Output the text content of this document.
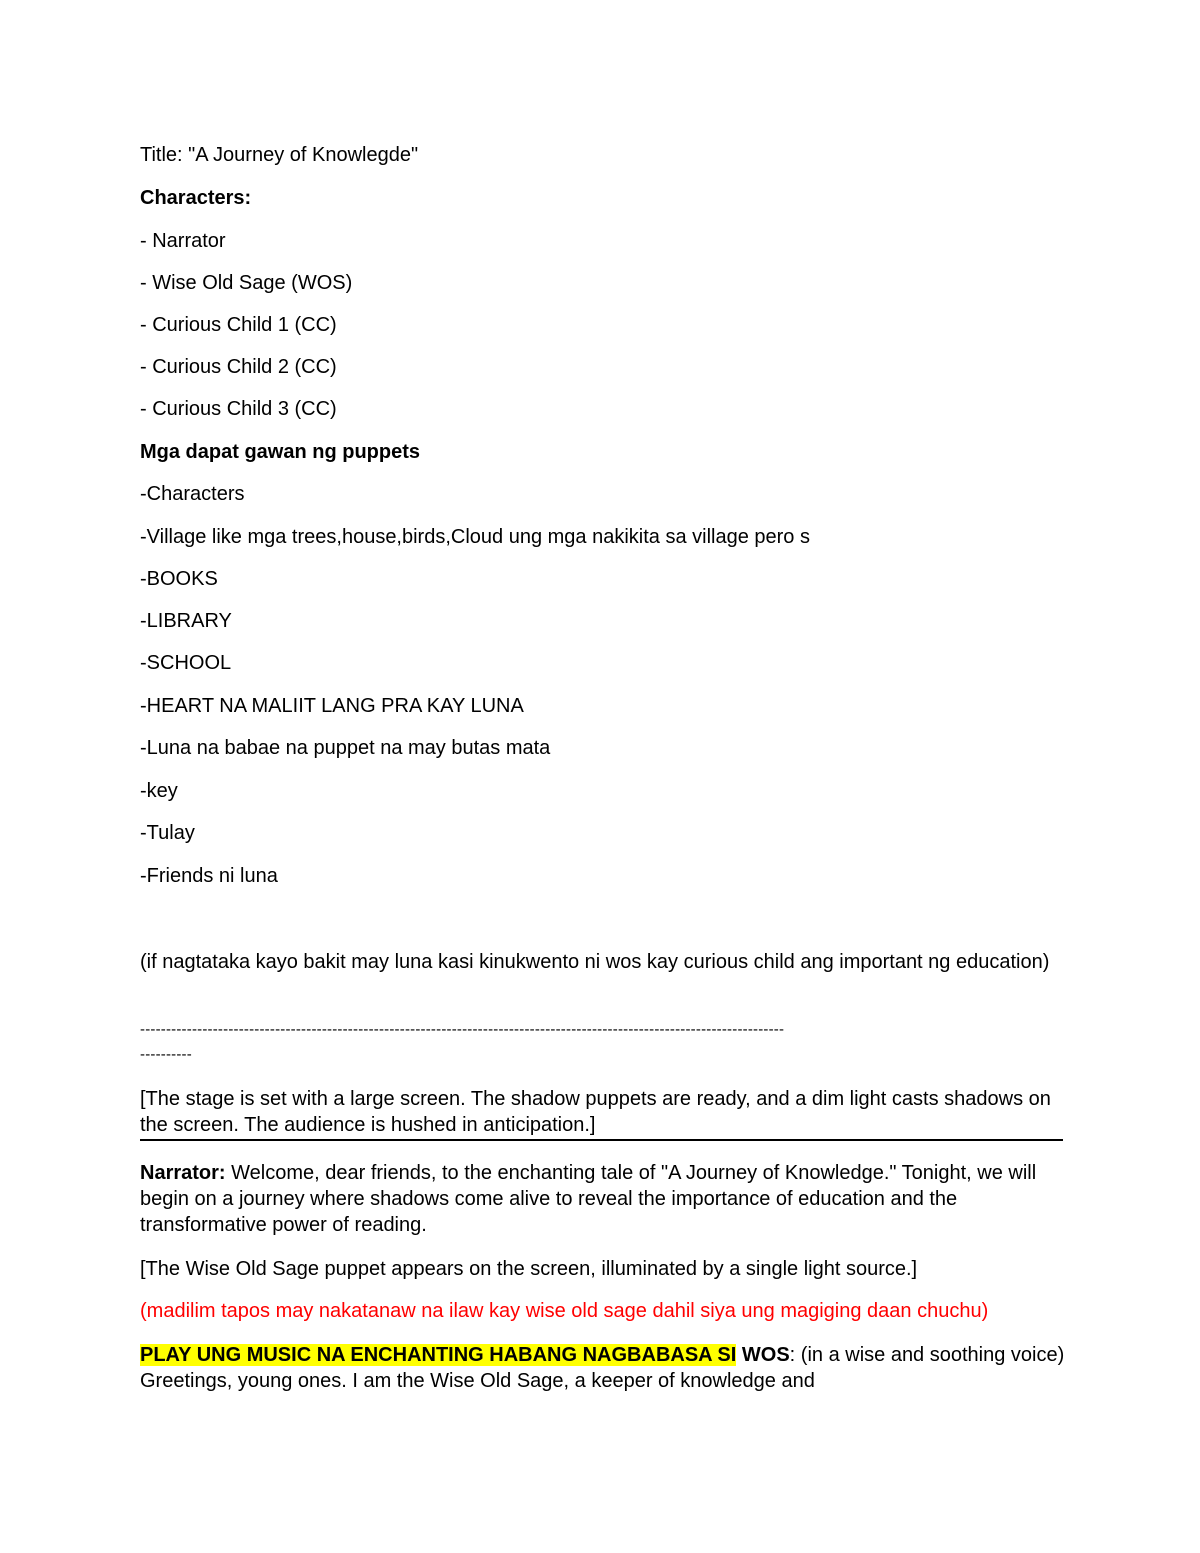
Title: "A Journey of Knowlegde"
Characters:
- Narrator
- Wise Old Sage (WOS)
- Curious Child 1 (CC)
- Curious Child 2 (CC)
- Curious Child 3 (CC)
Mga dapat gawan ng puppets
-Characters
-Village like mga trees,house,birds,Cloud ung mga nakikita sa village pero s
-BOOKS
-LIBRARY
-SCHOOL
-HEART NA MALIIT LANG PRA KAY LUNA
-Luna na babae na puppet na may butas mata
-key
-Tulay
-Friends ni luna
(if nagtataka kayo bakit may luna kasi kinukwento ni wos kay curious child ang important ng education)
----------------------------------------------------------------------------------------------------------------------------
----------
[The stage is set with a large screen. The shadow puppets are ready, and a dim light casts shadows on the screen. The audience is hushed in anticipation.]
Narrator: Welcome, dear friends, to the enchanting tale of "A Journey of Knowledge." Tonight, we will begin on a journey where shadows come alive to reveal the importance of education and the transformative power of reading.
[The Wise Old Sage puppet appears on the screen, illuminated by a single light source.]
(madilim tapos may nakatanaw na ilaw kay wise old sage dahil siya ung magiging daan chuchu)
PLAY UNG MUSIC NA ENCHANTING HABANG NAGBABASA SI WOS: (in a wise and soothing voice) Greetings, young ones. I am the Wise Old Sage, a keeper of knowledge and
